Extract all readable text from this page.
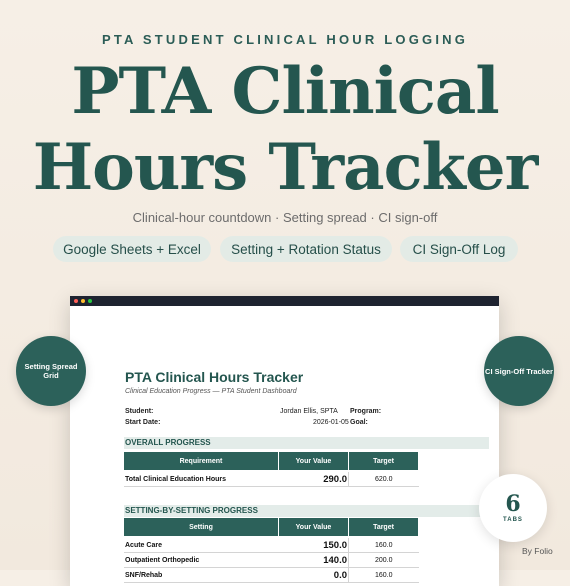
PTA STUDENT CLINICAL HOUR LOGGING
PTA Clinical
Hours Tracker
Clinical-hour countdown · Setting spread · CI sign-off
Google Sheets + Excel	Setting + Rotation Status	CI Sign-Off Log
PTA Clinical Hours Tracker
Clinical Education Progress — PTA Student Dashboard
Student:	Jordan Ellis, SPTA Program:
Start Date:	2026-01-05 Goal:
OVERALL PROGRESS
Requirement	Your Value	Target
Total Clinical Education Hours	290.0	620.0
SETTING-BY-SETTING PROGRESS
Setting	Your Value	Target
Acute Care	150.0	160.0
Outpatient Orthopedic	140.0	200.0
SNF/Rehab	0.0	160.0
Setting Spread Grid	CI Sign-Off Tracker
6
TABS
By Folio
